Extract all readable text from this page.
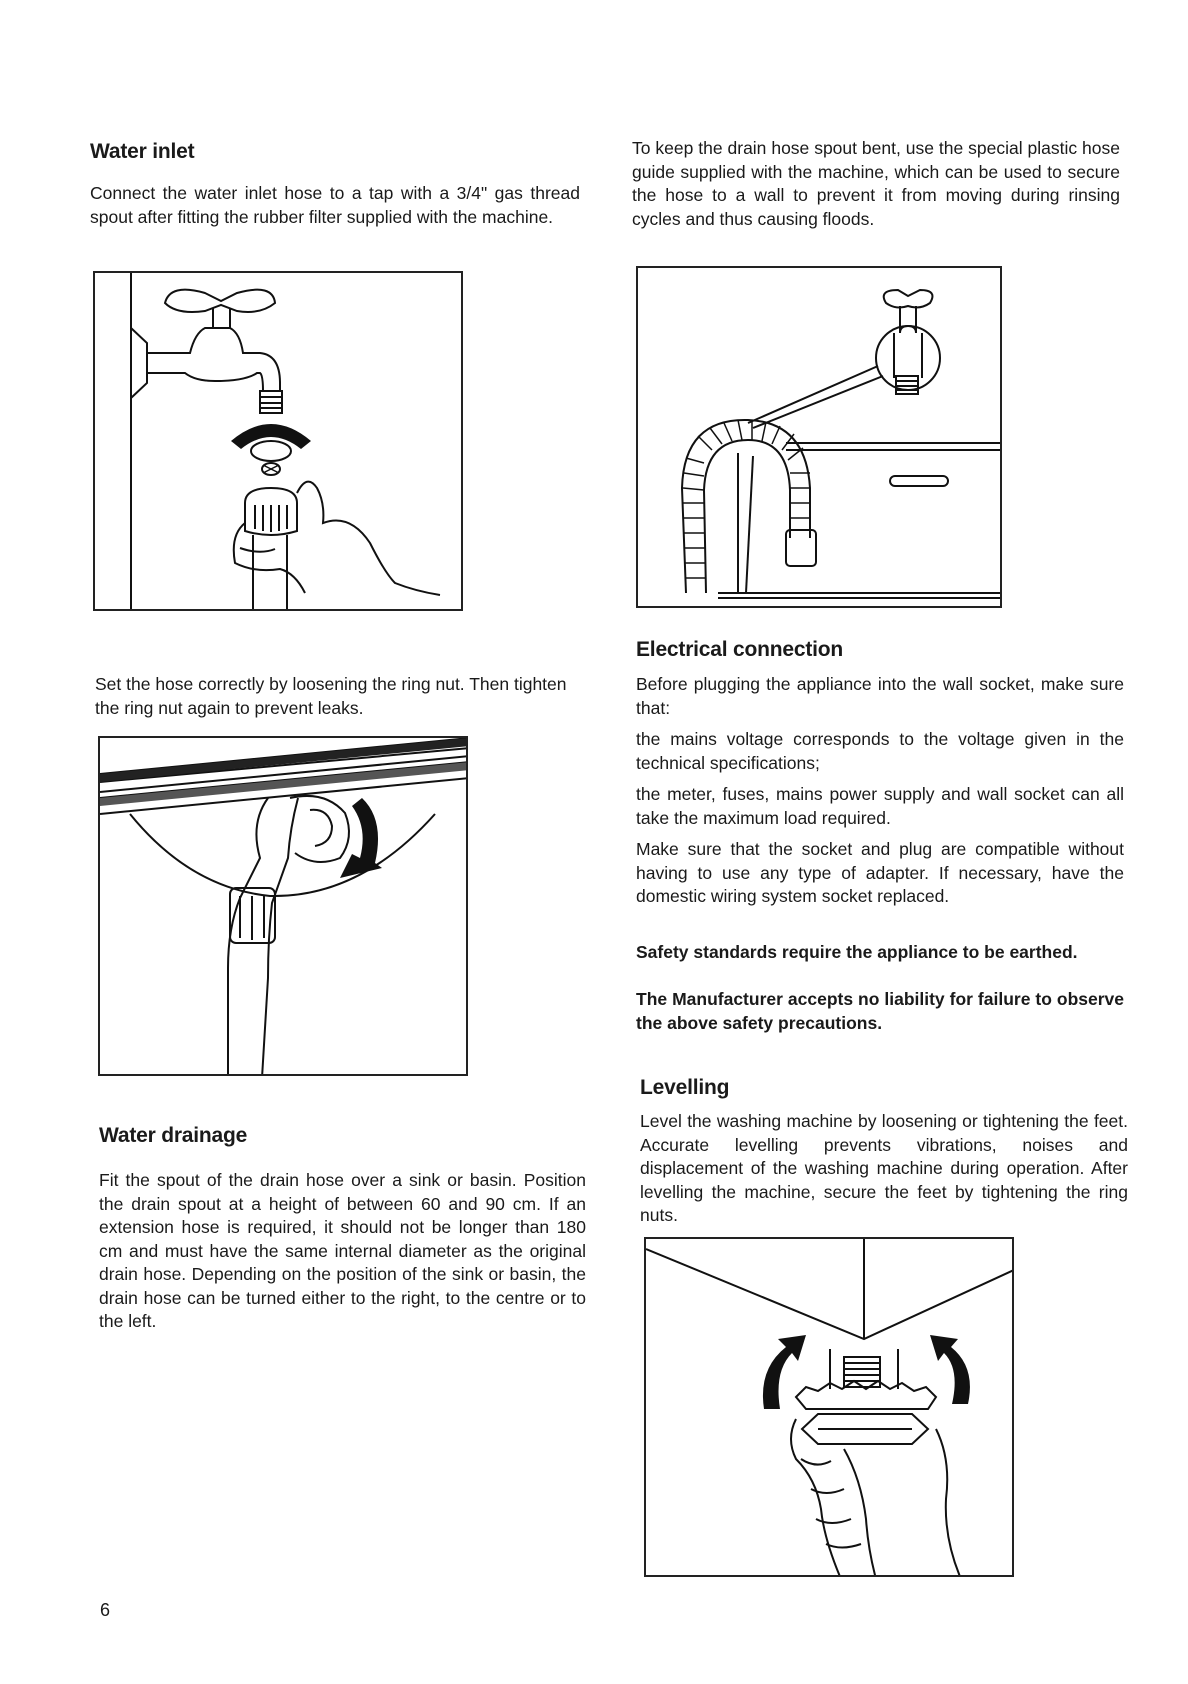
Water inlet

Connect the water inlet hose to a tap with a 3/4" gas thread spout after fitting the rubber filter supplied with the machine.

Set the hose correctly by loosening the ring nut. Then tighten the ring nut again to prevent leaks.

Water drainage

Fit the spout of the drain hose over a sink or basin. Position the drain spout at a height of between 60 and 90 cm. If an extension hose is required, it should not be longer than 180 cm and must have the same internal diameter as the original drain hose. Depending on the position of the sink or basin, the drain hose can be turned either to the right, to the centre or to the left.

6

To keep the drain hose spout bent, use the special plastic hose guide supplied with the machine, which can be used to secure the hose to a wall to prevent it from moving during rinsing cycles and thus causing floods.

Electrical connection

Before plugging the appliance into the wall socket, make sure that:

the mains voltage corresponds to the voltage given in the technical specifications;

the meter, fuses, mains power supply and wall socket can all take the maximum load required.

Make sure that the socket and plug are compatible without having to use any type of adapter. If necessary, have the domestic wiring system socket replaced.

Safety standards require the appliance to be earthed.

The Manufacturer accepts no liability for failure to observe the above safety precautions.

Levelling

Level the washing machine by loosening or tightening the feet. Accurate levelling prevents vibrations, noises and displacement of the washing machine during operation. After levelling the machine, secure the feet by tightening the ring nuts.
